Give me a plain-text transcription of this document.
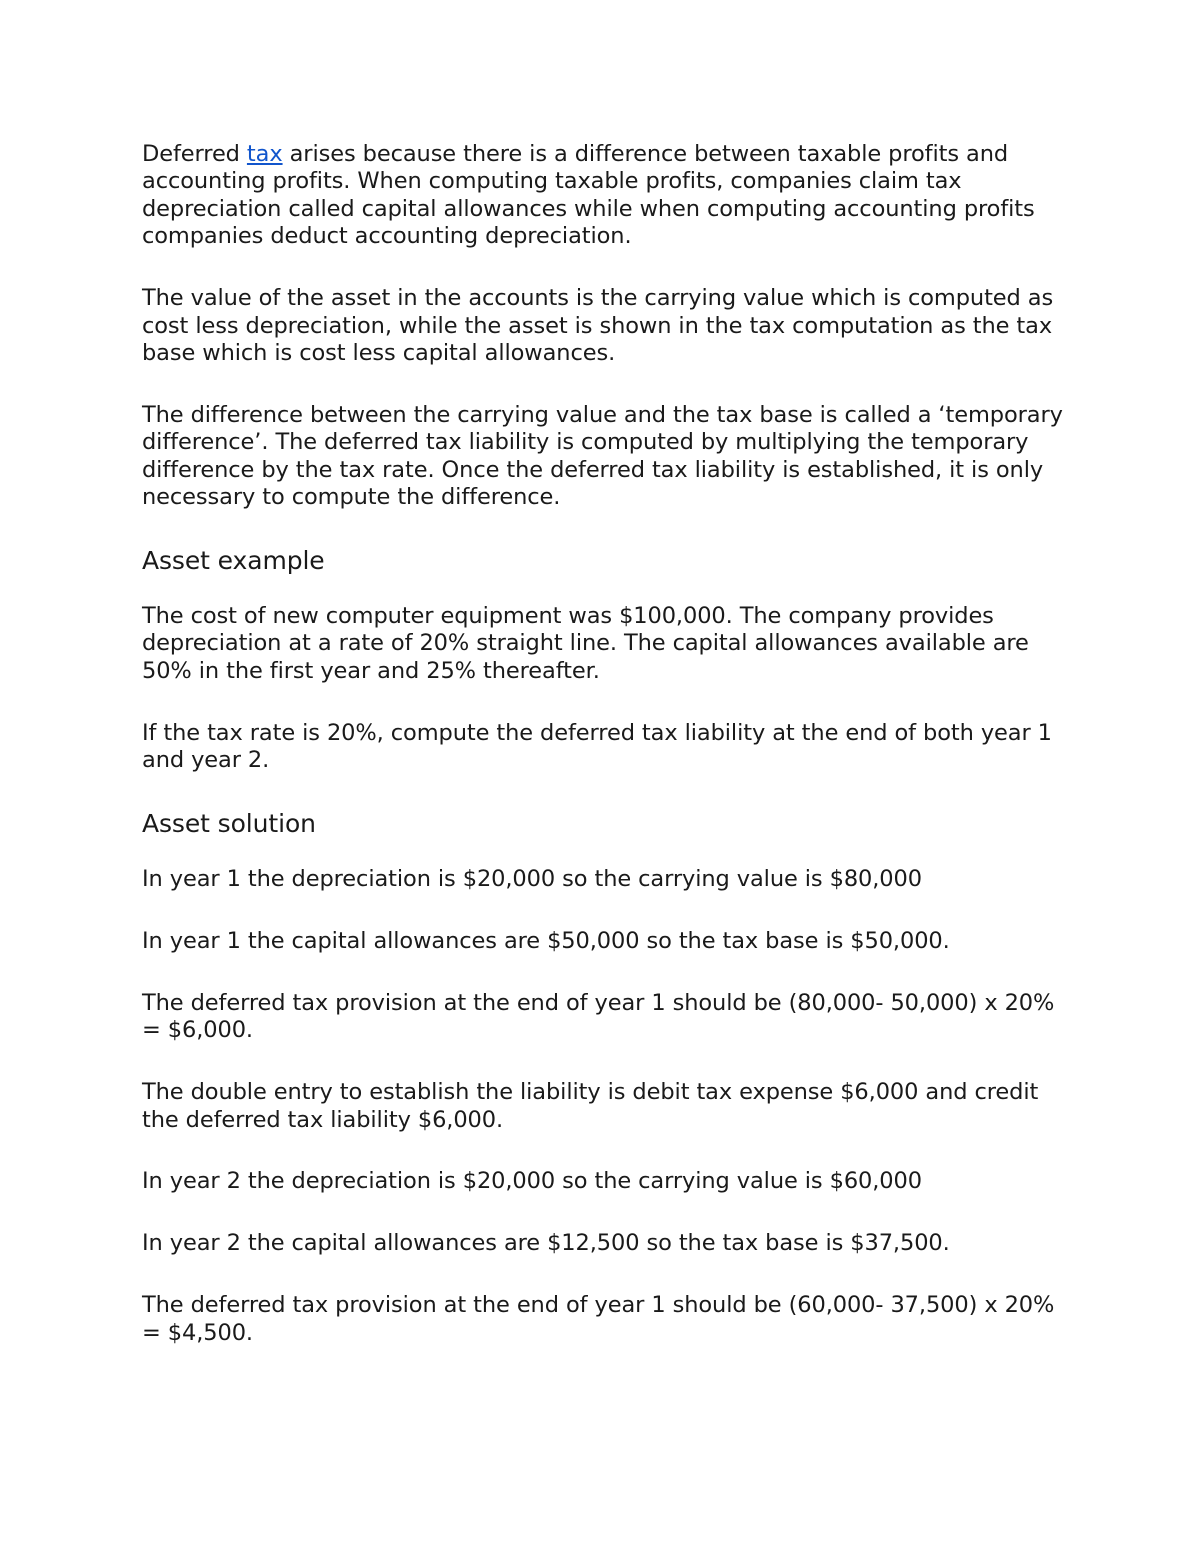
Deferred tax arises because there is a difference between taxable profits and accounting profits. When computing taxable profits, companies claim tax depreciation called capital allowances while when computing accounting profits companies deduct accounting depreciation.

The value of the asset in the accounts is the carrying value which is computed as cost less depreciation, while the asset is shown in the tax computation as the tax base which is cost less capital allowances.

The difference between the carrying value and the tax base is called a ‘temporary difference’. The deferred tax liability is computed by multiplying the temporary difference by the tax rate. Once the deferred tax liability is established, it is only necessary to compute the difference.

Asset example

The cost of new computer equipment was $100,000. The company provides depreciation at a rate of 20% straight line. The capital allowances available are 50% in the first year and 25% thereafter.

If the tax rate is 20%, compute the deferred tax liability at the end of both year 1 and year 2.

Asset solution

In year 1 the depreciation is $20,000 so the carrying value is $80,000

In year 1 the capital allowances are $50,000 so the tax base is $50,000.

The deferred tax provision at the end of year 1 should be (80,000- 50,000) x 20% = $6,000.

The double entry to establish the liability is debit tax expense $6,000 and credit the deferred tax liability $6,000.

In year 2 the depreciation is $20,000 so the carrying value is $60,000

In year 2 the capital allowances are $12,500 so the tax base is $37,500.

The deferred tax provision at the end of year 1 should be (60,000- 37,500) x 20% = $4,500.
